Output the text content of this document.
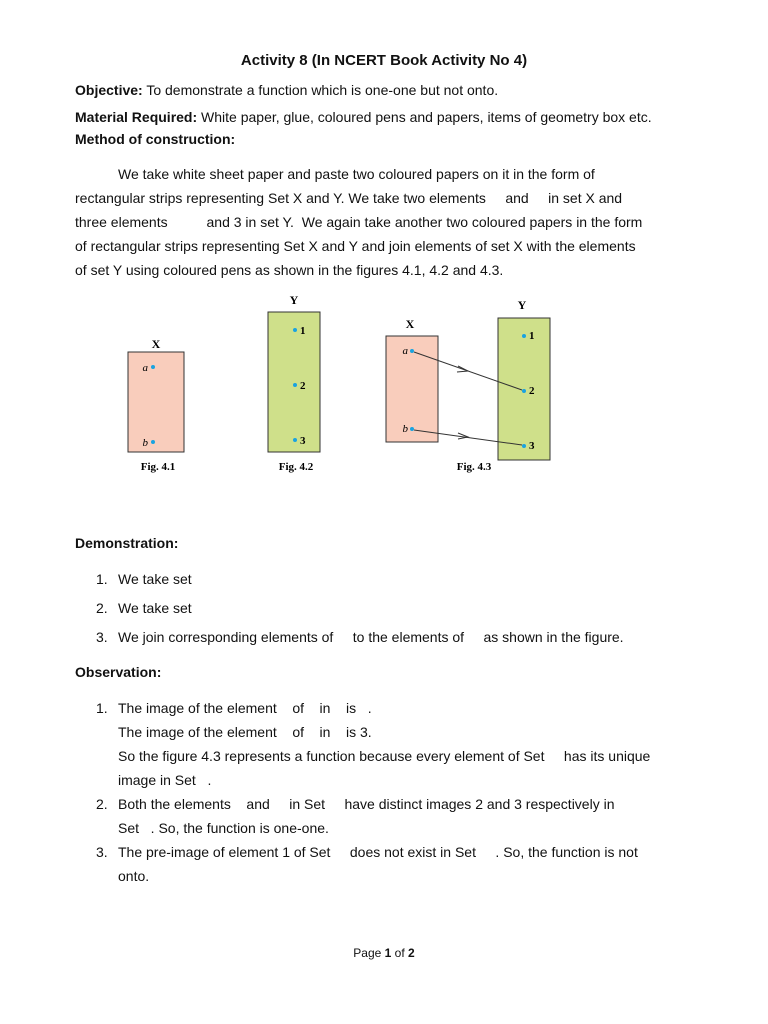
Activity 8 (In NCERT Book Activity No 4)
Objective: To demonstrate a function which is one-one but not onto.
Material Required: White paper, glue, coloured pens and papers, items of geometry box etc.
Method of construction:
We take white sheet paper and paste two coloured papers on it in the form of
rectangular strips representing Set X and Y. We take two elements     and     in set X and
three elements          and 3 in set Y.  We again take another two coloured papers in the form
of rectangular strips representing Set X and Y and join elements of set X with the elements
of set Y using coloured pens as shown in the figures 4.1, 4.2 and 4.3.
X
a
b
Fig. 4.1
Y
1
2
3
Fig. 4.2
X
a
b
Y
1
2
3
Fig. 4.3
Demonstration:
1. We take set
2. We take set
3. We join corresponding elements of     to the elements of     as shown in the figure.
Observation:
1. The image of the element    of    in    is   .
The image of the element    of    in    is 3.
So the figure 4.3 represents a function because every element of Set     has its unique
image in Set   .
2. Both the elements    and     in Set     have distinct images 2 and 3 respectively in
Set   . So, the function is one-one.
3. The pre-image of element 1 of Set     does not exist in Set     . So, the function is not
onto.
Page 1 of 2
